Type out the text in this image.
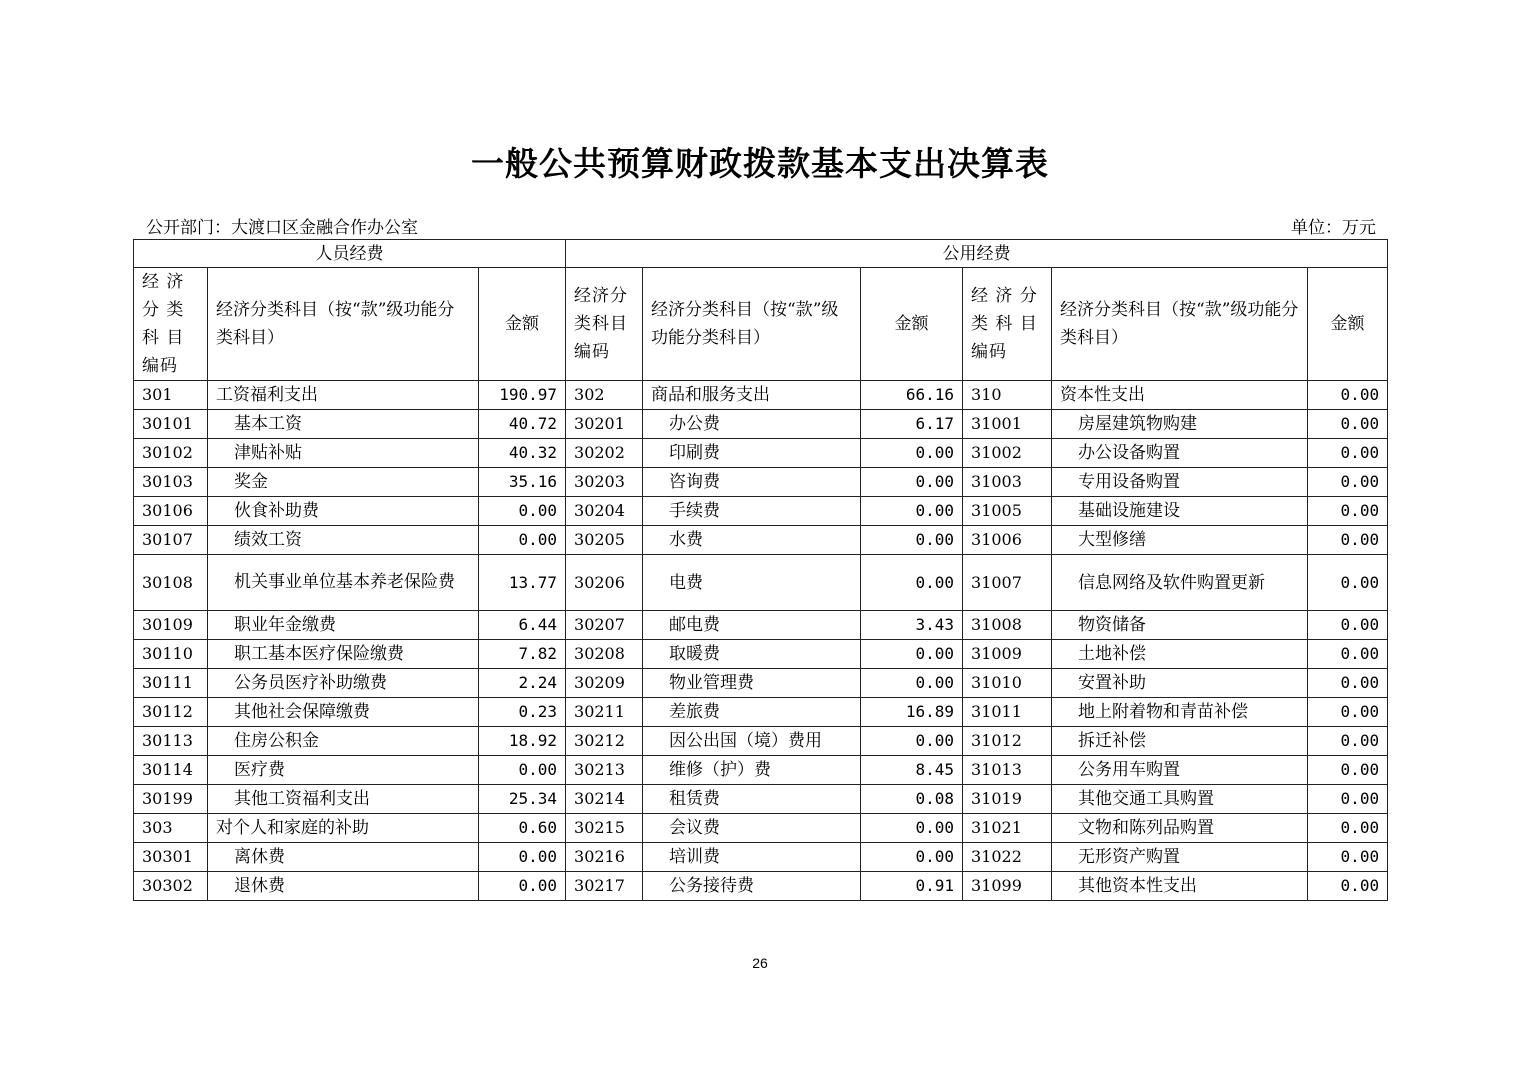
一般公共预算财政拨款基本支出决算表
公开部门：大渡口区金融合作办公室	单位：万元
人员经费			公用经费					
经 济 分 类 科 目 编码	经济分类科目（按“款”级功能分类科目）	金额	经济分类科目编码	经济分类科目（按“款”级功能分类科目）	金额	经 济 分 类 科 目 编码	经济分类科目（按“款”级功能分类科目）	金额
301	工资福利支出	190.97	302	商品和服务支出	66.16	310	资本性支出	0.00
30101	基本工资	40.72	30201	办公费	6.17	31001	房屋建筑物购建	0.00
30102	津贴补贴	40.32	30202	印刷费	0.00	31002	办公设备购置	0.00
30103	奖金	35.16	30203	咨询费	0.00	31003	专用设备购置	0.00
30106	伙食补助费	0.00	30204	手续费	0.00	31005	基础设施建设	0.00
30107	绩效工资	0.00	30205	水费	0.00	31006	大型修缮	0.00
30108	机关事业单位基本养老保险费	13.77	30206	电费	0.00	31007	信息网络及软件购置更新	0.00
30109	职业年金缴费	6.44	30207	邮电费	3.43	31008	物资储备	0.00
30110	职工基本医疗保险缴费	7.82	30208	取暖费	0.00	31009	土地补偿	0.00
30111	公务员医疗补助缴费	2.24	30209	物业管理费	0.00	31010	安置补助	0.00
30112	其他社会保障缴费	0.23	30211	差旅费	16.89	31011	地上附着物和青苗补偿	0.00
30113	住房公积金	18.92	30212	因公出国（境）费用	0.00	31012	拆迁补偿	0.00
30114	医疗费	0.00	30213	维修（护）费	8.45	31013	公务用车购置	0.00
30199	其他工资福利支出	25.34	30214	租赁费	0.08	31019	其他交通工具购置	0.00
303	对个人和家庭的补助	0.60	30215	会议费	0.00	31021	文物和陈列品购置	0.00
30301	离休费	0.00	30216	培训费	0.00	31022	无形资产购置	0.00
30302	退休费	0.00	30217	公务接待费	0.91	31099	其他资本性支出	0.00
26
